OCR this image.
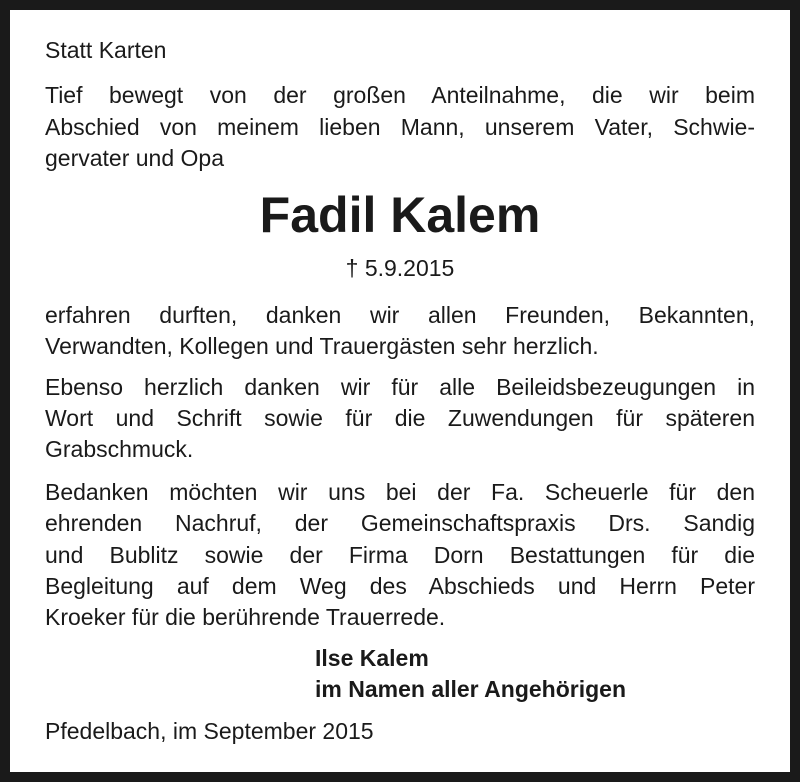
Statt Karten
Tief bewegt von der großen Anteilnahme, die wir beim
Abschied von meinem lieben Mann, unserem Vater, Schwie-
gervater und Opa
Fadil Kalem
† 5.9.2015
erfahren durften, danken wir allen Freunden, Bekannten,
Verwandten, Kollegen und Trauergästen sehr herzlich.
Ebenso herzlich danken wir für alle Beileidsbezeugungen in
Wort und Schrift sowie für die Zuwendungen für späteren
Grabschmuck.
Bedanken möchten wir uns bei der Fa. Scheuerle für den
ehrenden Nachruf, der Gemeinschaftspraxis Drs. Sandig
und Bublitz sowie der Firma Dorn Bestattungen für die
Begleitung auf dem Weg des Abschieds und Herrn Peter
Kroeker für die berührende Trauerrede.
Ilse Kalem
im Namen aller Angehörigen
Pfedelbach, im September 2015
